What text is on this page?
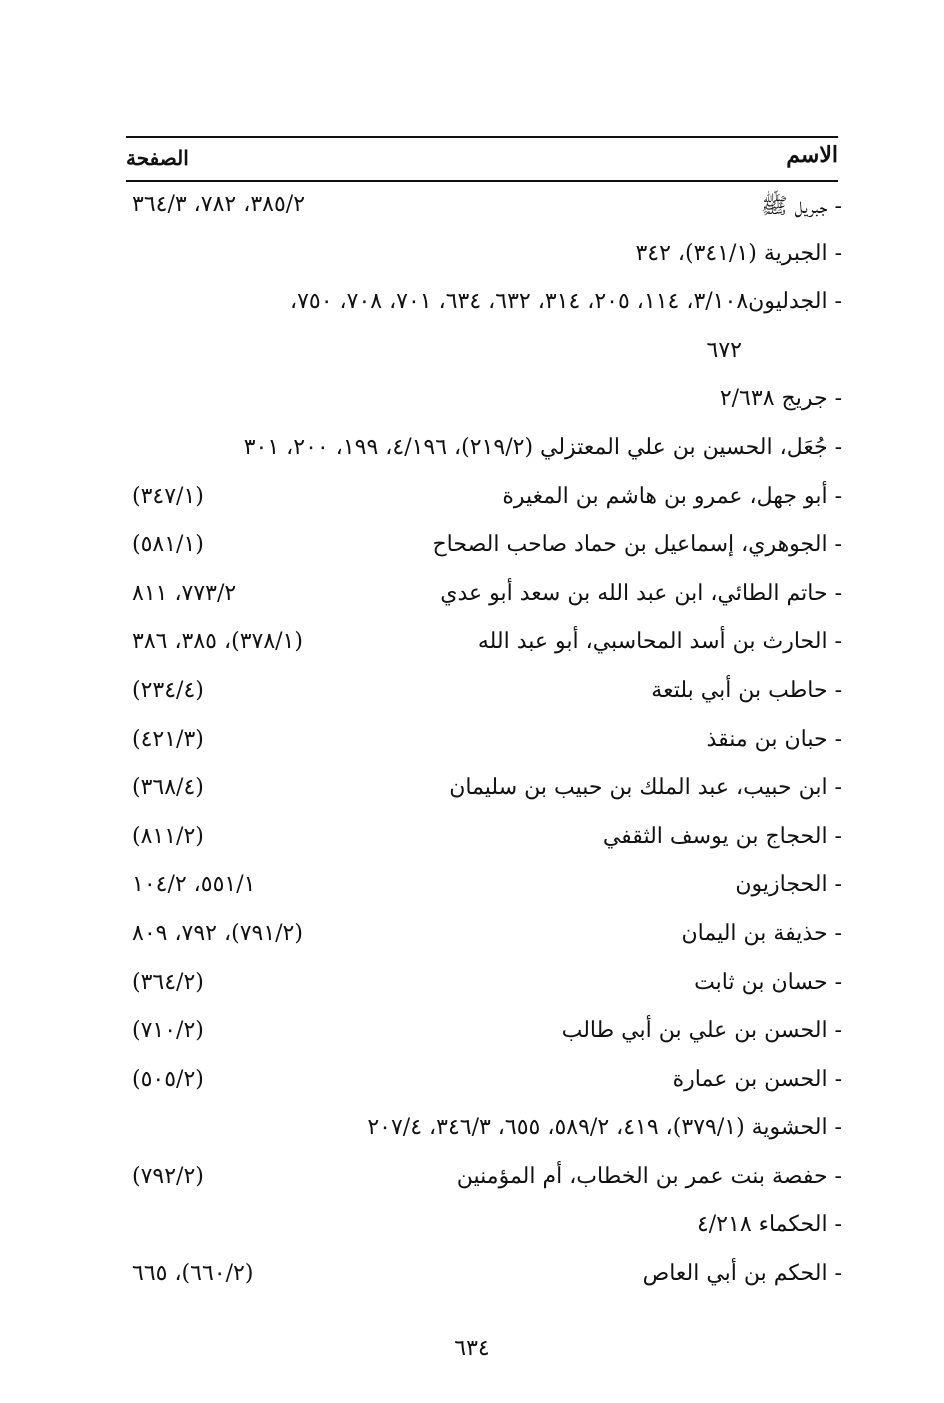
الاسم
الصفحة
- جبريل ﷺ
٣٨٥/٢، ٧٨٢، ٣٦٤/٣
- الجبرية (٣٤١/١)، ٣٤٢
- الجدليون٣/١٠٨، ١١٤، ٢٠٥، ٣١٤، ٦٣٢، ٦٣٤، ٧٠١، ٧٠٨، ٧٥٠،
٦٧٢
- جريج ٢/٦٣٨
- جُعَل، الحسين بن علي المعتزلي (٢١٩/٢)، ٤/١٩٦، ١٩٩، ٢٠٠، ٣٠١
- أبو جهل، عمرو بن هاشم بن المغيرة
(٣٤٧/١)
- الجوهري، إسماعيل بن حماد صاحب الصحاح
(٥٨١/١)
- حاتم الطائي، ابن عبد الله بن سعد أبو عدي
٧٧٣/٢، ٨١١
- الحارث بن أسد المحاسبي، أبو عبد الله
(٣٧٨/١)، ٣٨٥، ٣٨٦
- حاطب بن أبي بلتعة
(٢٣٤/٤)
- حبان بن منقذ
(٤٢١/٣)
- ابن حبيب، عبد الملك بن حبيب بن سليمان
(٣٦٨/٤)
- الحجاج بن يوسف الثقفي
(٨١١/٢)
- الحجازيون
٥٥١/١، ١٠٤/٢
- حذيفة بن اليمان
(٧٩١/٢)، ٧٩٢، ٨٠٩
- حسان بن ثابت
(٣٦٤/٢)
- الحسن بن علي بن أبي طالب
(٧١٠/٢)
- الحسن بن عمارة
(٥٠٥/٢)
- الحشوية (٣٧٩/١)، ٤١٩، ٥٨٩/٢، ٦٥٥، ٣٤٦/٣، ٢٠٧/٤
- حفصة بنت عمر بن الخطاب، أم المؤمنين
(٧٩٢/٢)
- الحكماء ٤/٢١٨
- الحكم بن أبي العاص
(٦٦٠/٢)، ٦٦٥
٦٣٤
